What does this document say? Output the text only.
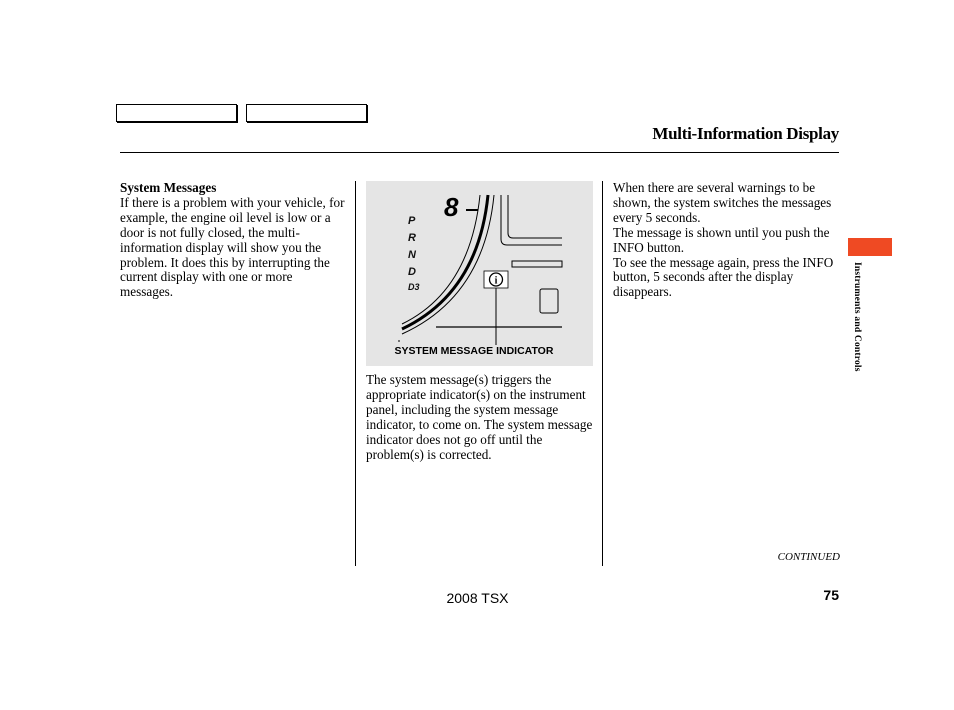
Multi-Information Display

System Messages

If there is a problem with your vehicle, for example, the engine oil level is low or a door is not fully closed, the multi-information display will show you the problem. It does this by interrupting the current display with one or more messages.

i
8
P
R
N
D
D3
SYSTEM MESSAGE INDICATOR

The system message(s) triggers the appropriate indicator(s) on the instrument panel, including the system message indicator, to come on. The system message indicator does not go off until the problem(s) is corrected.

When there are several warnings to be shown, the system switches the messages every 5 seconds.

The message is shown until you push the INFO button.

To see the message again, press the INFO button, 5 seconds after the display disappears.	Instruments and Controls
CONTINUED
2008 TSX	75
